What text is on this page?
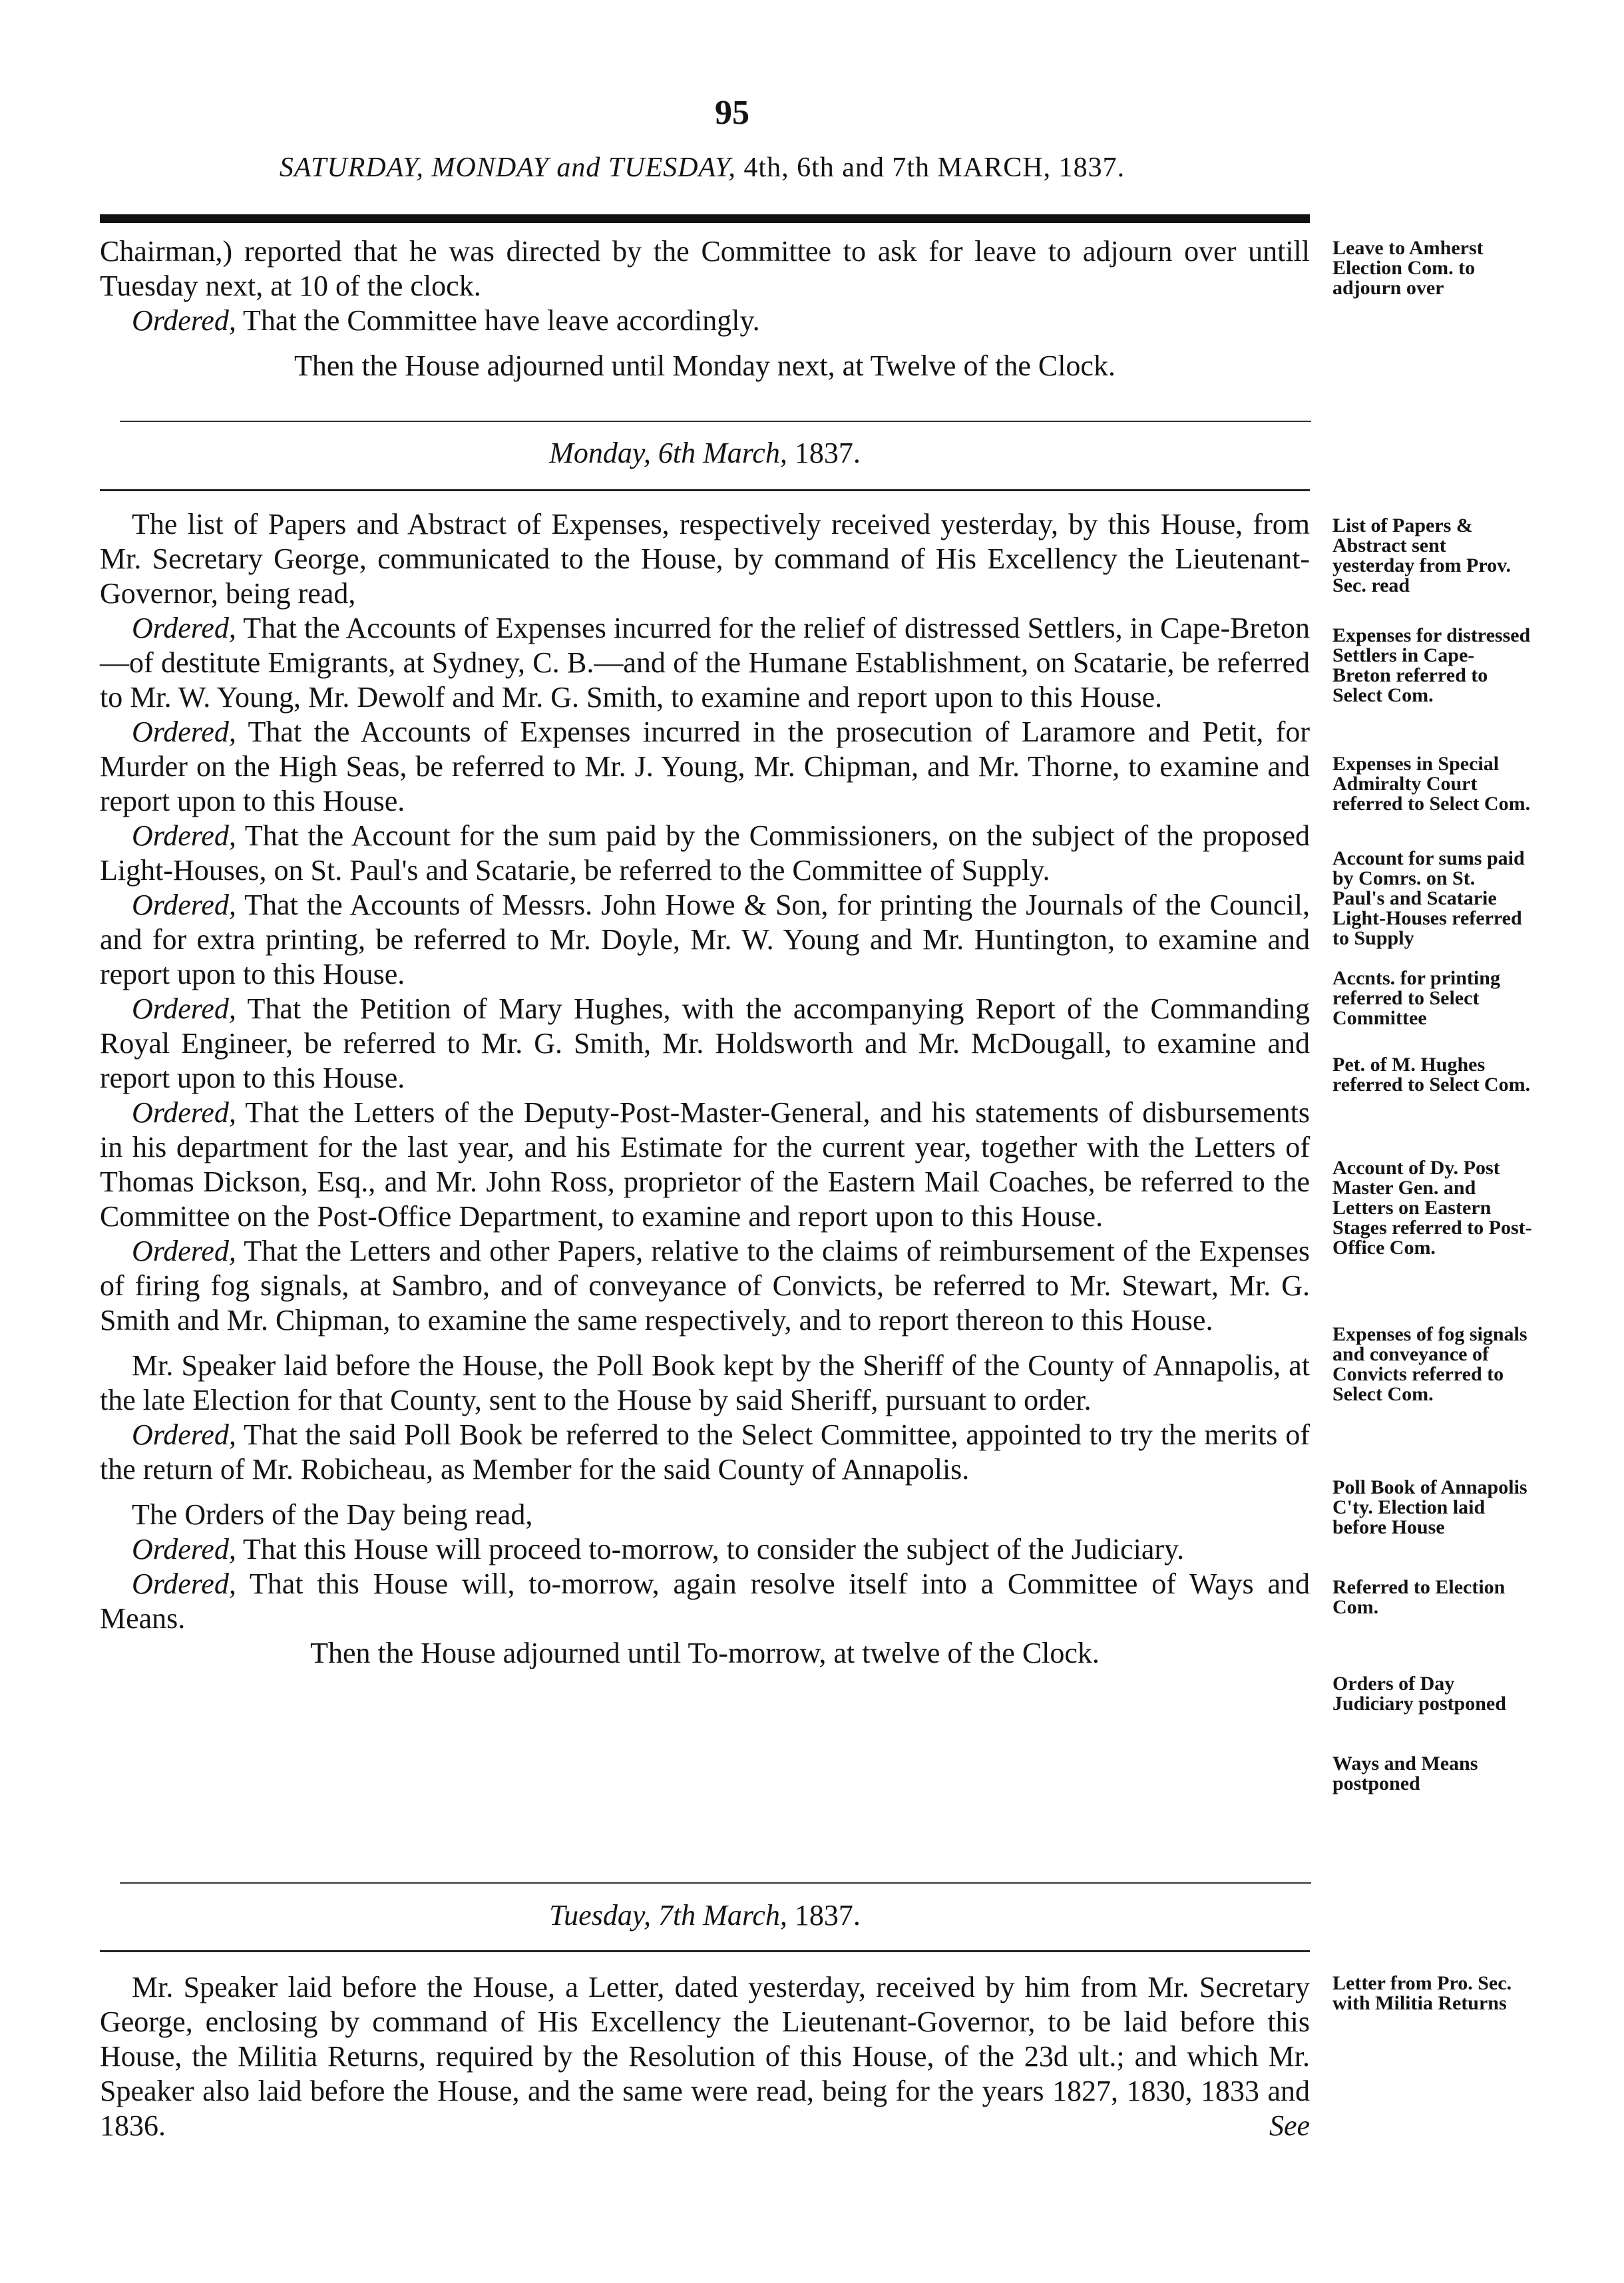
95
SATURDAY, MONDAY and TUESDAY, 4th, 6th and 7th MARCH, 1837.

Chairman,) reported that he was directed by the Committee to ask for leave to adjourn over untill Tuesday next, at 10 of the clock.

Ordered, That the Committee have leave accordingly.

Then the House adjourned until Monday next, at Twelve of the Clock.

Monday, 6th March, 1837.

The list of Papers and Abstract of Expenses, respectively received yesterday, by this House, from Mr. Secretary George, communicated to the House, by command of His Excellency the Lieutenant-Governor, being read,

Ordered, That the Accounts of Expenses incurred for the relief of distressed Settlers, in Cape-Breton—of destitute Emigrants, at Sydney, C. B.—and of the Humane Establishment, on Scatarie, be referred to Mr. W. Young, Mr. Dewolf and Mr. G. Smith, to examine and report upon to this House.

Ordered, That the Accounts of Expenses incurred in the prosecution of Laramore and Petit, for Murder on the High Seas, be referred to Mr. J. Young, Mr. Chipman, and Mr. Thorne, to examine and report upon to this House.

Ordered, That the Account for the sum paid by the Commissioners, on the subject of the proposed Light-Houses, on St. Paul's and Scatarie, be referred to the Committee of Supply.

Ordered, That the Accounts of Messrs. John Howe & Son, for printing the Journals of the Council, and for extra printing, be referred to Mr. Doyle, Mr. W. Young and Mr. Huntington, to examine and report upon to this House.

Ordered, That the Petition of Mary Hughes, with the accompanying Report of the Commanding Royal Engineer, be referred to Mr. G. Smith, Mr. Holdsworth and Mr. McDougall, to examine and report upon to this House.

Ordered, That the Letters of the Deputy-Post-Master-General, and his statements of disbursements in his department for the last year, and his Estimate for the current year, together with the Letters of Thomas Dickson, Esq., and Mr. John Ross, proprietor of the Eastern Mail Coaches, be referred to the Committee on the Post-Office Department, to examine and report upon to this House.

Ordered, That the Letters and other Papers, relative to the claims of reimbursement of the Expenses of firing fog signals, at Sambro, and of conveyance of Convicts, be referred to Mr. Stewart, Mr. G. Smith and Mr. Chipman, to examine the same respectively, and to report thereon to this House.

Mr. Speaker laid before the House, the Poll Book kept by the Sheriff of the County of Annapolis, at the late Election for that County, sent to the House by said Sheriff, pursuant to order.

Ordered, That the said Poll Book be referred to the Select Committee, appointed to try the merits of the return of Mr. Robicheau, as Member for the said County of Annapolis.

The Orders of the Day being read,

Ordered, That this House will proceed to-morrow, to consider the subject of the Judiciary.

Ordered, That this House will, to-morrow, again resolve itself into a Committee of Ways and Means.

Then the House adjourned until To-morrow, at twelve of the Clock.

Tuesday, 7th March, 1837.

Mr. Speaker laid before the House, a Letter, dated yesterday, received by him from Mr. Secretary George, enclosing by command of His Excellency the Lieutenant-Governor, to be laid before this House, the Militia Returns, required by the Resolution of this House, of the 23d ult.; and which Mr. Speaker also laid before the House, and the same were read, being for the years 1827, 1830, 1833 and 1836.	See
Leave to Amherst Election Com. to adjourn over
List of Papers & Abstract sent yesterday from Prov. Sec. read
Expenses for distressed Settlers in Cape-Breton referred to Select Com.
Expenses in Special Admiralty Court referred to Select Com.
Account for sums paid by Comrs. on St. Paul's and Scatarie Light-Houses referred to Supply
Accnts. for printing referred to Select Committee
Pet. of M. Hughes referred to Select Com.
Account of Dy. Post Master Gen. and Letters on Eastern Stages referred to Post-Office Com.
Expenses of fog signals and conveyance of Convicts referred to Select Com.
Poll Book of Annapolis C'ty. Election laid before House
Referred to Election Com.
Orders of Day Judiciary postponed
Ways and Means postponed
Letter from Pro. Sec. with Militia Returns
